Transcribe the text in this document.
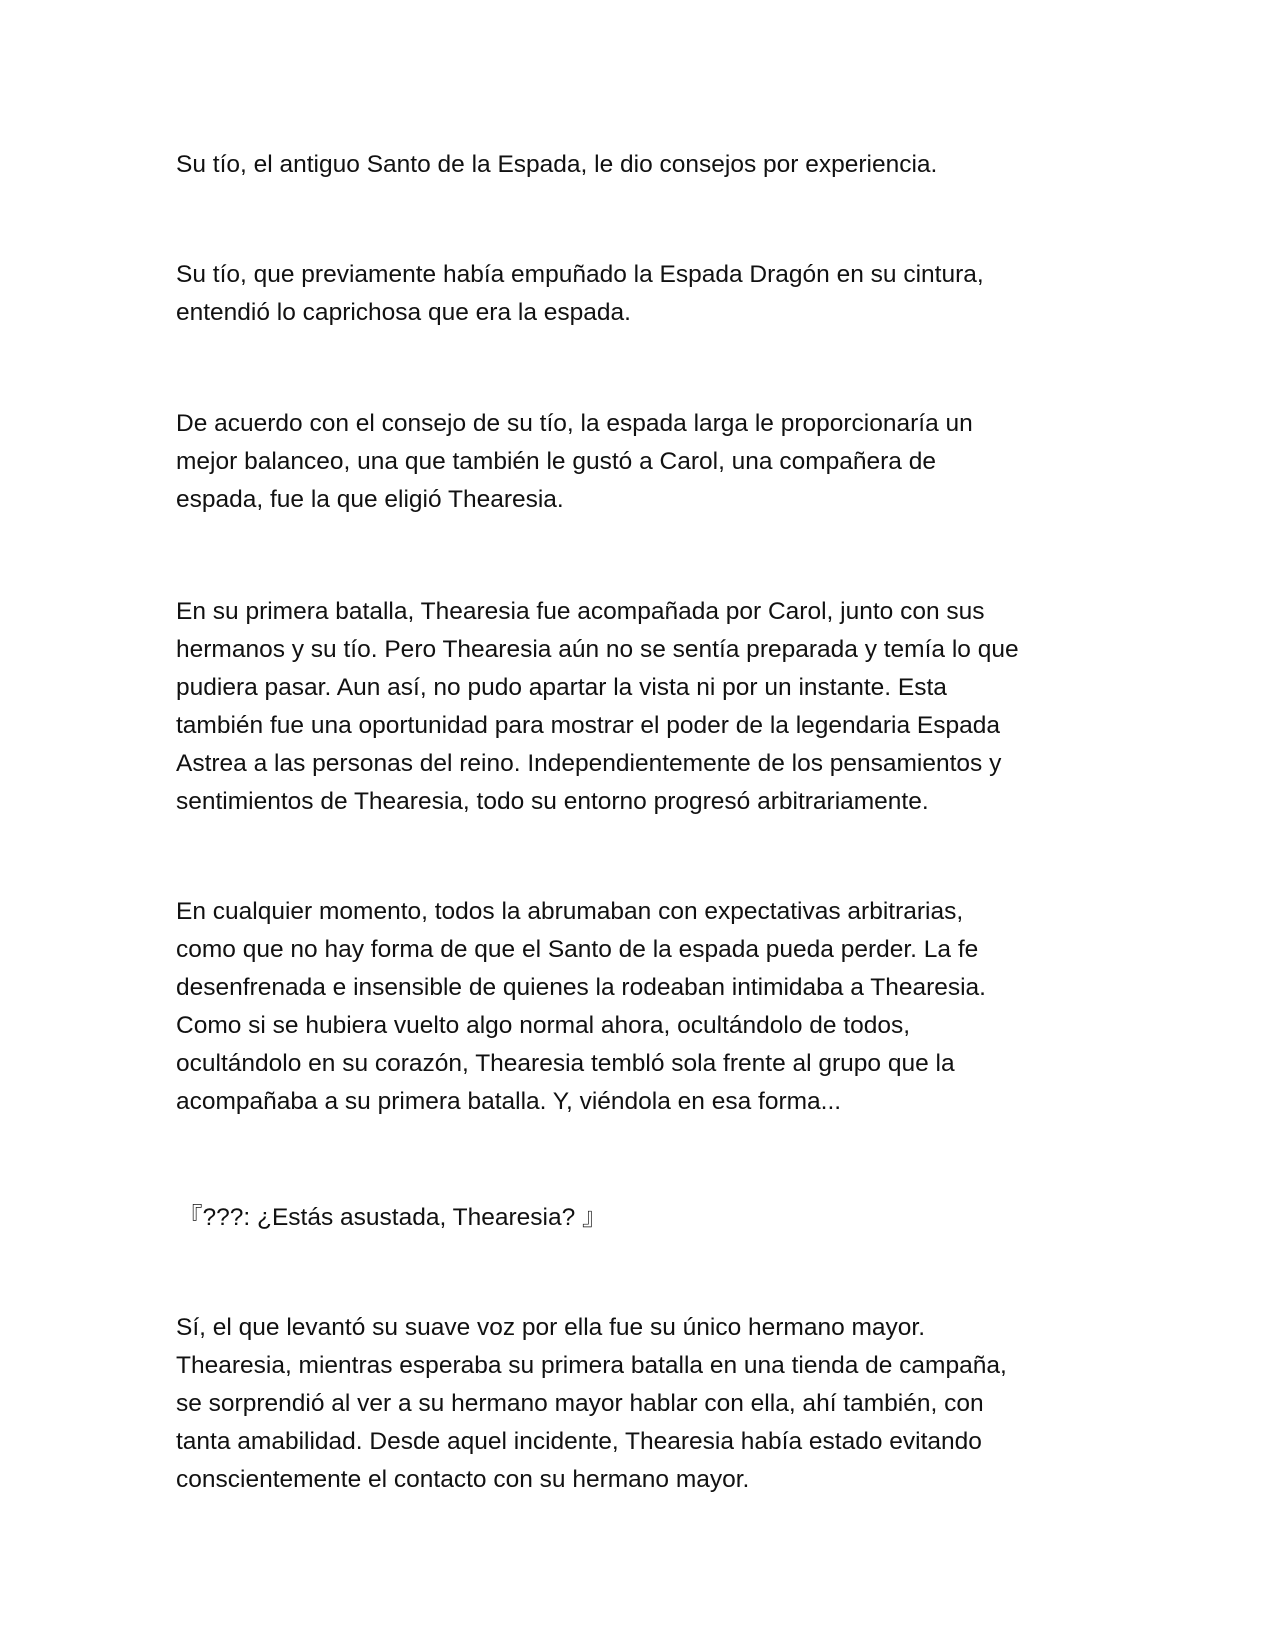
Su tío, el antiguo Santo de la Espada, le dio consejos por experiencia.

Su tío, que previamente había empuñado la Espada Dragón en su cintura,
entendió lo caprichosa que era la espada.

De acuerdo con el consejo de su tío, la espada larga le proporcionaría un
mejor balanceo, una que también le gustó a Carol, una compañera de
espada, fue la que eligió Thearesia.

En su primera batalla, Thearesia fue acompañada por Carol, junto con sus
hermanos y su tío. Pero Thearesia aún no se sentía preparada y temía lo que
pudiera pasar. Aun así, no pudo apartar la vista ni por un instante. Esta
también fue una oportunidad para mostrar el poder de la legendaria Espada
Astrea a las personas del reino. Independientemente de los pensamientos y
sentimientos de Thearesia, todo su entorno progresó arbitrariamente.

En cualquier momento, todos la abrumaban con expectativas arbitrarias,
como que no hay forma de que el Santo de la espada pueda perder. La fe
desenfrenada e insensible de quienes la rodeaban intimidaba a Thearesia.
Como si se hubiera vuelto algo normal ahora, ocultándolo de todos,
ocultándolo en su corazón, Thearesia tembló sola frente al grupo que la
acompañaba a su primera batalla. Y, viéndola en esa forma...

『???: ¿Estás asustada, Thearesia? 』

Sí, el que levantó su suave voz por ella fue su único hermano mayor.
Thearesia, mientras esperaba su primera batalla en una tienda de campaña,
se sorprendió al ver a su hermano mayor hablar con ella, ahí también, con
tanta amabilidad. Desde aquel incidente, Thearesia había estado evitando
conscientemente el contacto con su hermano mayor.
